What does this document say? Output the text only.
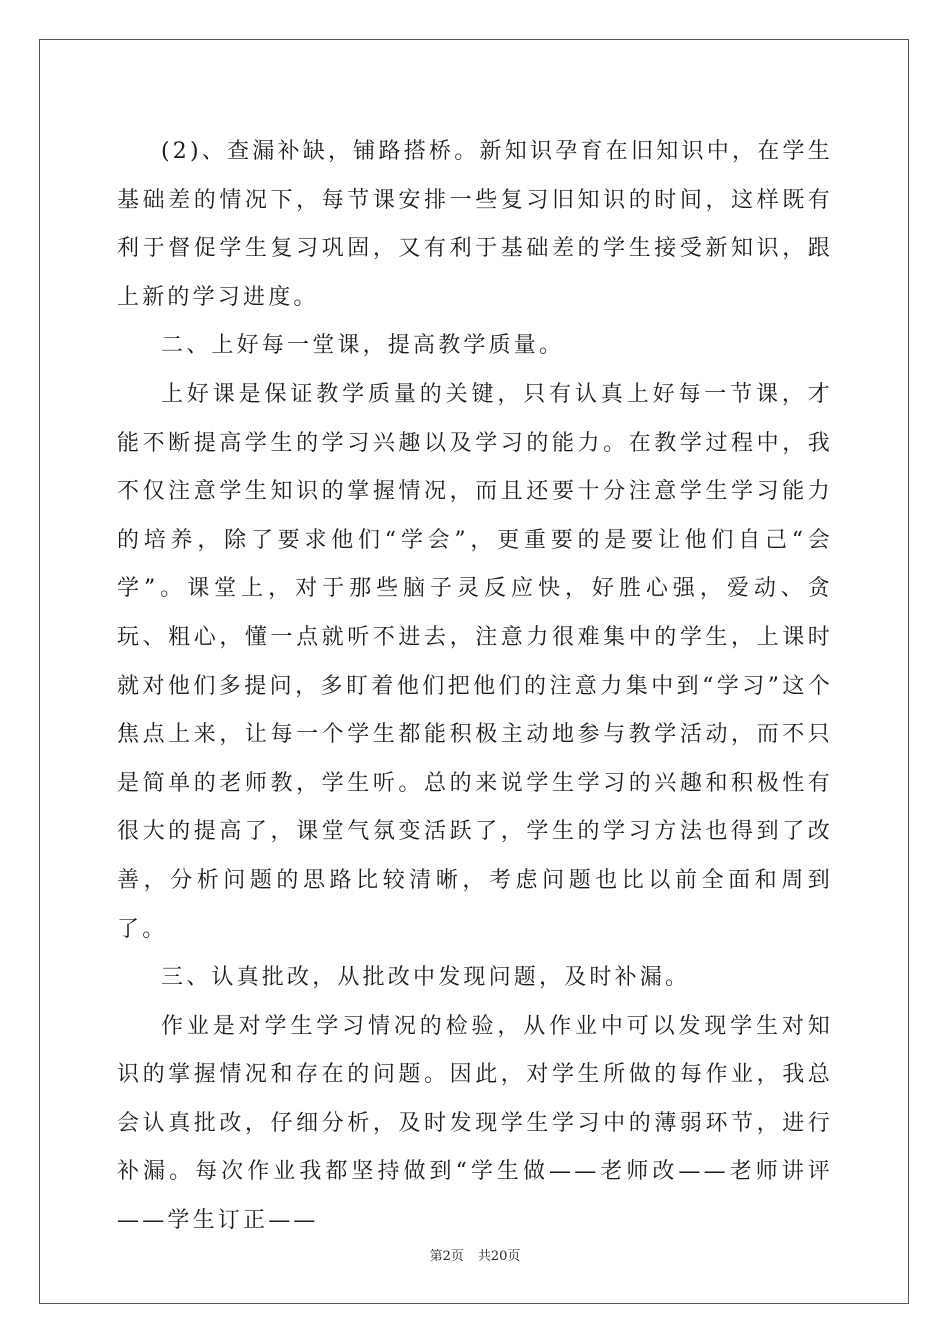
(2)、查漏补缺，铺路搭桥。新知识孕育在旧知识中，在学生基础差的情况下，每节课安排一些复习旧知识的时间，这样既有利于督促学生复习巩固，又有利于基础差的学生接受新知识，跟上新的学习进度。

二、上好每一堂课，提高教学质量。

上好课是保证教学质量的关键，只有认真上好每一节课，才能不断提高学生的学习兴趣以及学习的能力。在教学过程中，我不仅注意学生知识的掌握情况，而且还要十分注意学生学习能力的培养，除了要求他们“学会”，更重要的是要让他们自己“会学”。课堂上，对于那些脑子灵反应快，好胜心强，爱动、贪玩、粗心，懂一点就听不进去，注意力很难集中的学生，上课时就对他们多提问，多盯着他们把他们的注意力集中到“学习”这个焦点上来，让每一个学生都能积极主动地参与教学活动，而不只是简单的老师教，学生听。总的来说学生学习的兴趣和积极性有很大的提高了，课堂气氛变活跃了，学生的学习方法也得到了改善，分析问题的思路比较清晰，考虑问题也比以前全面和周到了。

三、认真批改，从批改中发现问题，及时补漏。

作业是对学生学习情况的检验，从作业中可以发现学生对知识的掌握情况和存在的问题。因此，对学生所做的每作业，我总会认真批改，仔细分析，及时发现学生学习中的薄弱环节，进行补漏。每次作业我都坚持做到“学生做——老师改——老师讲评——学生订正——

第2页 共20页
